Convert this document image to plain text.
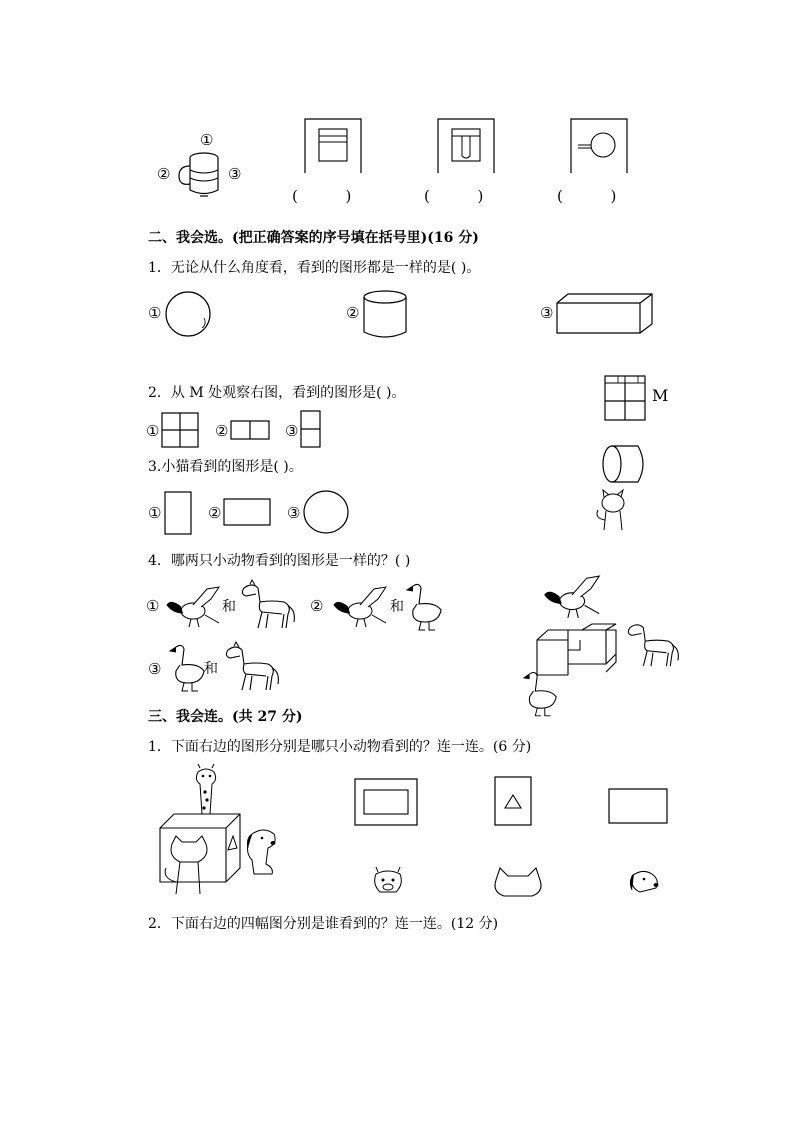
①
②	③
(          )	(          )	(          )
二、我会选。(把正确答案的序号填在括号里)(16 分)
1．无论从什么角度看，看到的图形都是一样的是( )。
①	②	③
2．从 M 处观察右图，看到的图形是( )。	M
①	②	③
3.小猫看到的图形是( )。
①	②	③
4．哪两只小动物看到的图形是一样的？( )
①	和	②	和
③	和
三、我会连。(共 27 分)
1．下面右边的图形分别是哪只小动物看到的？连一连。(6 分)
2．下面右边的四幅图分别是谁看到的？连一连。(12 分)
